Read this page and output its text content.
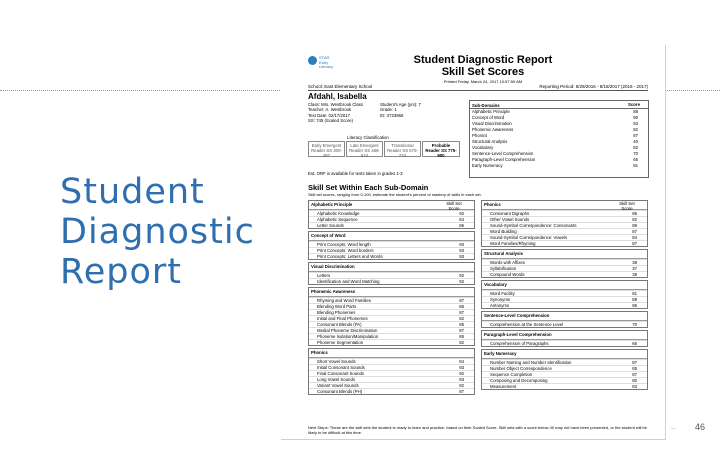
Student Diagnostic Report
STAR Early Literacy
Student Diagnostic Report
Skill Set Scores
Printed Friday, March 24, 2017 10:57:59 AM
School: East Elementary School	Reporting Period: 8/29/2016 - 8/18/2017 (2016 - 2017)
Afdahl, Isabella
Class: Mrs. Westbrook Class	Student's Age (yrs): 7
Teacher: A. Westbrook	Grade: 1
Test Date: 02/17/2017	ID: 3723866
SS: 745 (Scaled Score)
Literacy Classification
Early Emergent Reader SS 300-487
Late Emergent Reader SS 488-674
Transitional Reader SS 675-774
Probable Reader SS 775-900
Est. ORF is available for tests taken in grades 1-3
Sub-Domains	Score
Alphabetic Principle	88
Concept of Word	90
Visual Discrimination	93
Phonemic Awareness	82
Phonics	87
Structural Analysis	40
Vocabulary	82
Sentence-Level Comprehension	70
Paragraph-Level Comprehension	66
Early Numeracy	81
Skill Set Within Each Sub-Domain
Skill set scores, ranging from 0-100, estimate the student's percent of mastery of skills in each set.
Alphabetic Principle	Skill Set Score
Alphabetic Knowledge	92
Alphabetic Sequence	84
Letter Sounds	86
Concept of Word
Print Concepts: Word length	93
Print Concepts: Word borders	93
Print Concepts: Letters and Words	93
Visual Discrimination
Letters	92
Identification and Word Matching	92
Phonemic Awareness
Rhyming and Word Families	87
Blending Word Parts	86
Blending Phonemes	87
Initial and Final Phonemes	82
Consonant Blends (PA)	85
Medial Phoneme Discrimination	87
Phoneme Isolation/Manipulation	85
Phoneme Segmentation	82
Phonics
Short Vowel Sounds	84
Initial Consonant Sounds	93
Final Consonant Sounds	92
Long Vowel Sounds	83
Variant Vowel Sounds	82
Consonant Blends (PH)	87
Phonics	Skill Set Score
Consonant Digraphs	86
Other Vowel Sounds	82
Sound-Symbol Correspondence: Consonants	89
Word Building	87
Sound-Symbol Correspondence: Vowels	84
Word Families/Rhyming	87
Structural Analysis
Words with Affixes	38
Syllabification	37
Compound Words	38
Vocabulary
Word Facility	81
Synonyms	88
Antonyms	85
Sentence-Level Comprehension
Comprehension at the Sentence Level	70
Paragraph-Level Comprehension
Comprehension of Paragraphs	66
Early Numeracy
Number Naming and Number Identification	87
Number Object Correspondence	85
Sequence Completion	87
Composing and Decomposing	80
Measurement	83
Next Steps: These are the skill sets the student is ready to learn and practice, based on their Scaled Score. Skill sets with a score below 40 may not have been presented, or the student will be likely to be difficult at this time.
.... 46
